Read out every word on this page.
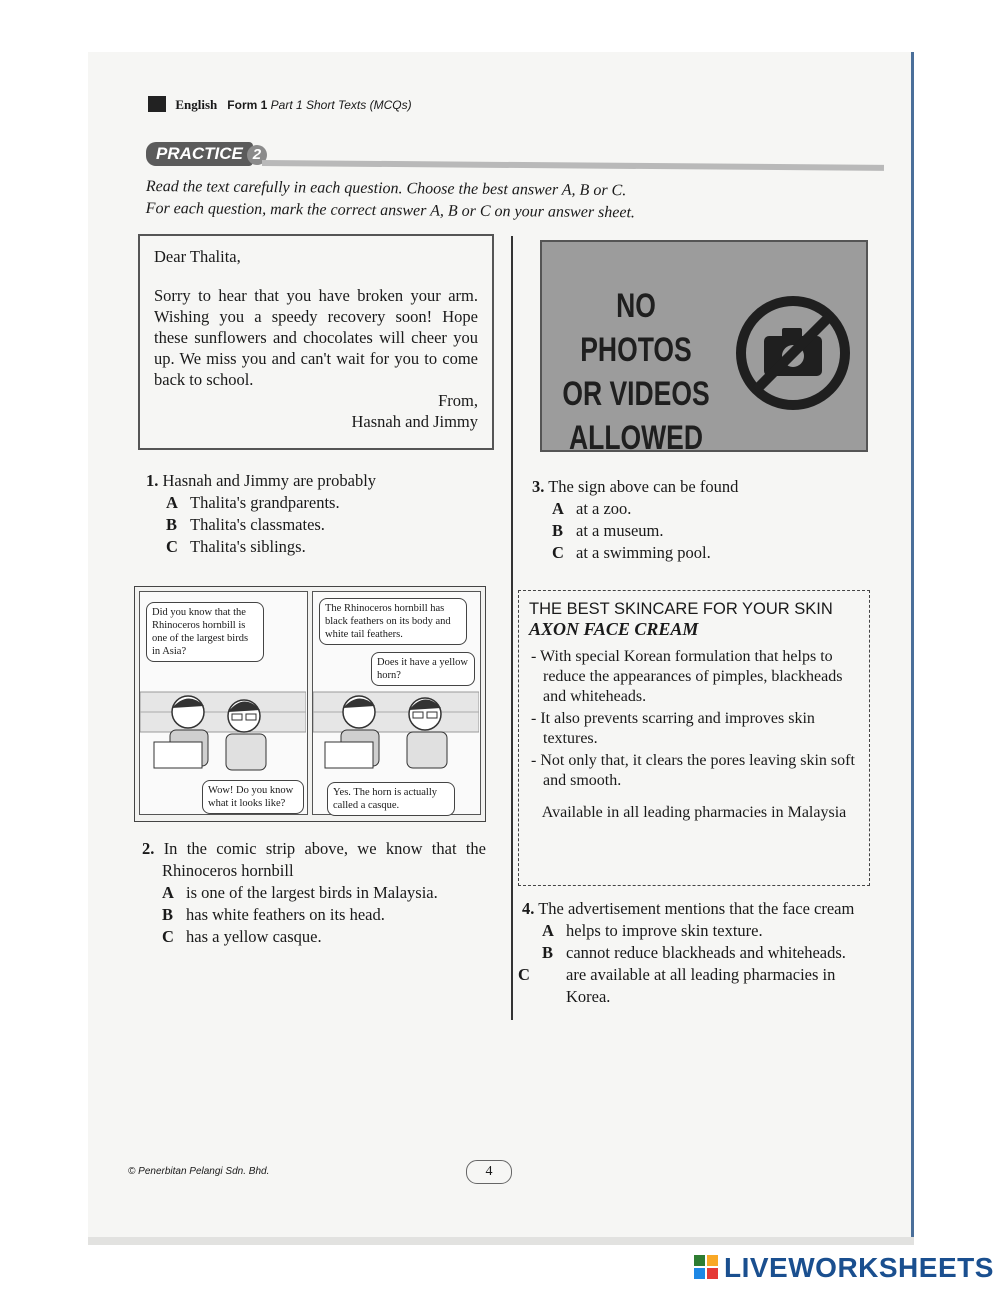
English Form 1 Part 1 Short Texts (MCQs)
PRACTICE 2
Read the text carefully in each question. Choose the best answer A, B or C.
For each question, mark the correct answer A, B or C on your answer sheet.
Dear Thalita,
Sorry to hear that you have broken your arm. Wishing you a speedy recovery soon! Hope these sunflowers and chocolates will cheer you up. We miss you and can't wait for you to come back to school.
From,
Hasnah and Jimmy
NO PHOTOS
OR VIDEOS
ALLOWED
1. Hasnah and Jimmy are probably
A Thalita's grandparents.
B Thalita's classmates.
C Thalita's siblings.
3. The sign above can be found
A at a zoo.
B at a museum.
C at a swimming pool.
Did you know that the Rhinoceros hornbill is one of the largest birds in Asia?
Wow! Do you know what it looks like?
The Rhinoceros hornbill has black feathers on its body and white tail feathers.
Does it have a yellow horn?
Yes. The horn is actually called a casque.
THE BEST SKINCARE FOR YOUR SKIN
AXON FACE CREAM
- With special Korean formulation that helps to reduce the appearances of pimples, blackheads and whiteheads.
- It also prevents scarring and improves skin textures.
- Not only that, it clears the pores leaving skin soft and smooth.
Available in all leading pharmacies in Malaysia
2. In the comic strip above, we know that the Rhinoceros hornbill
A is one of the largest birds in Malaysia.
B has white feathers on its head.
C has a yellow casque.
4. The advertisement mentions that the face cream
A helps to improve skin texture.
B cannot reduce blackheads and whiteheads.
C are available at all leading pharmacies in Korea.
© Penerbitan Pelangi Sdn. Bhd.	4
LIVEWORKSHEETS
